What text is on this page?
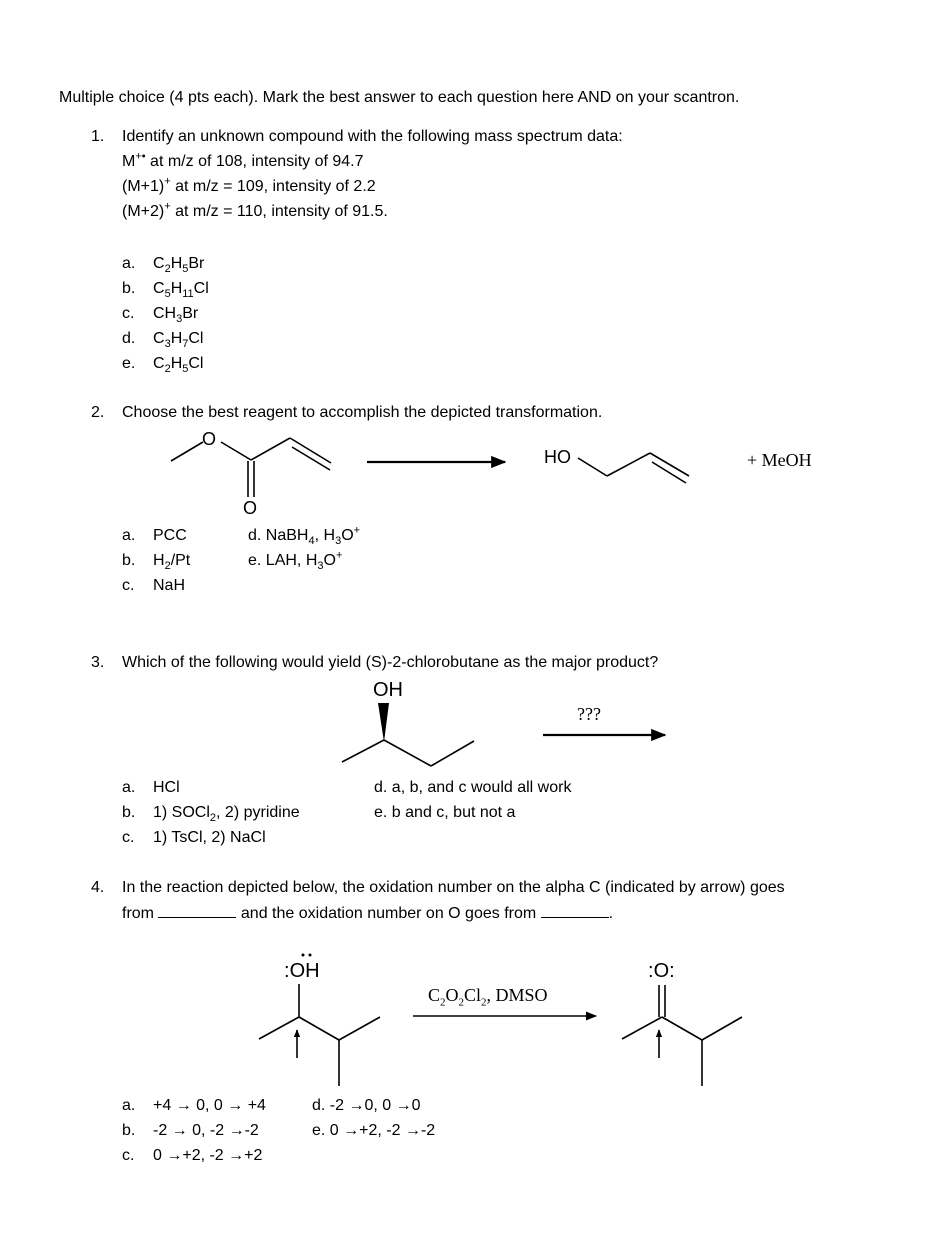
Multiple choice (4 pts each). Mark the best answer to each question here AND on your scantron.
1. Identify an unknown compound with the following mass spectrum data:
M+• at m/z of 108, intensity of 94.7
(M+1)+ at m/z = 109, intensity of 2.2
(M+2)+ at m/z = 110, intensity of 91.5.
a. $C_2H_5Br$
b. $C_5H_{11}Cl$
c. $CH_3Br$
d. $C_3H_7Cl$
e. $C_2H_5Cl$
2. Choose the best reagent to accomplish the depicted transformation.
O
O
HO	+ MeOH
a. PCC
b. $H_2/Pt$
c. NaH
d. NaBH$_4$, $H_3O^+$
e. LAH, $H_3O^+$
3. Which of the following would yield (S)-2-chlorobutane as the major product?
OH
???
a. HCl
b. 1) SOCl$_2$, 2) pyridine
c. 1) TsCl, 2) NaCl
d. a, b, and c would all work
e. b and c, but not a
4. In the reaction depicted below, the oxidation number on the alpha C (indicated by arrow) goes
from	and the oxidation number on O goes from	.
:OH	:O:
$C_2O_2Cl_2$, DMSO
a. +4 → 0, 0 → +4
b. -2 → 0, -2 →-2
c. 0 →+2, -2 →+2
d. -2 →0, 0 →0
e. 0 →+2, -2 →-2
